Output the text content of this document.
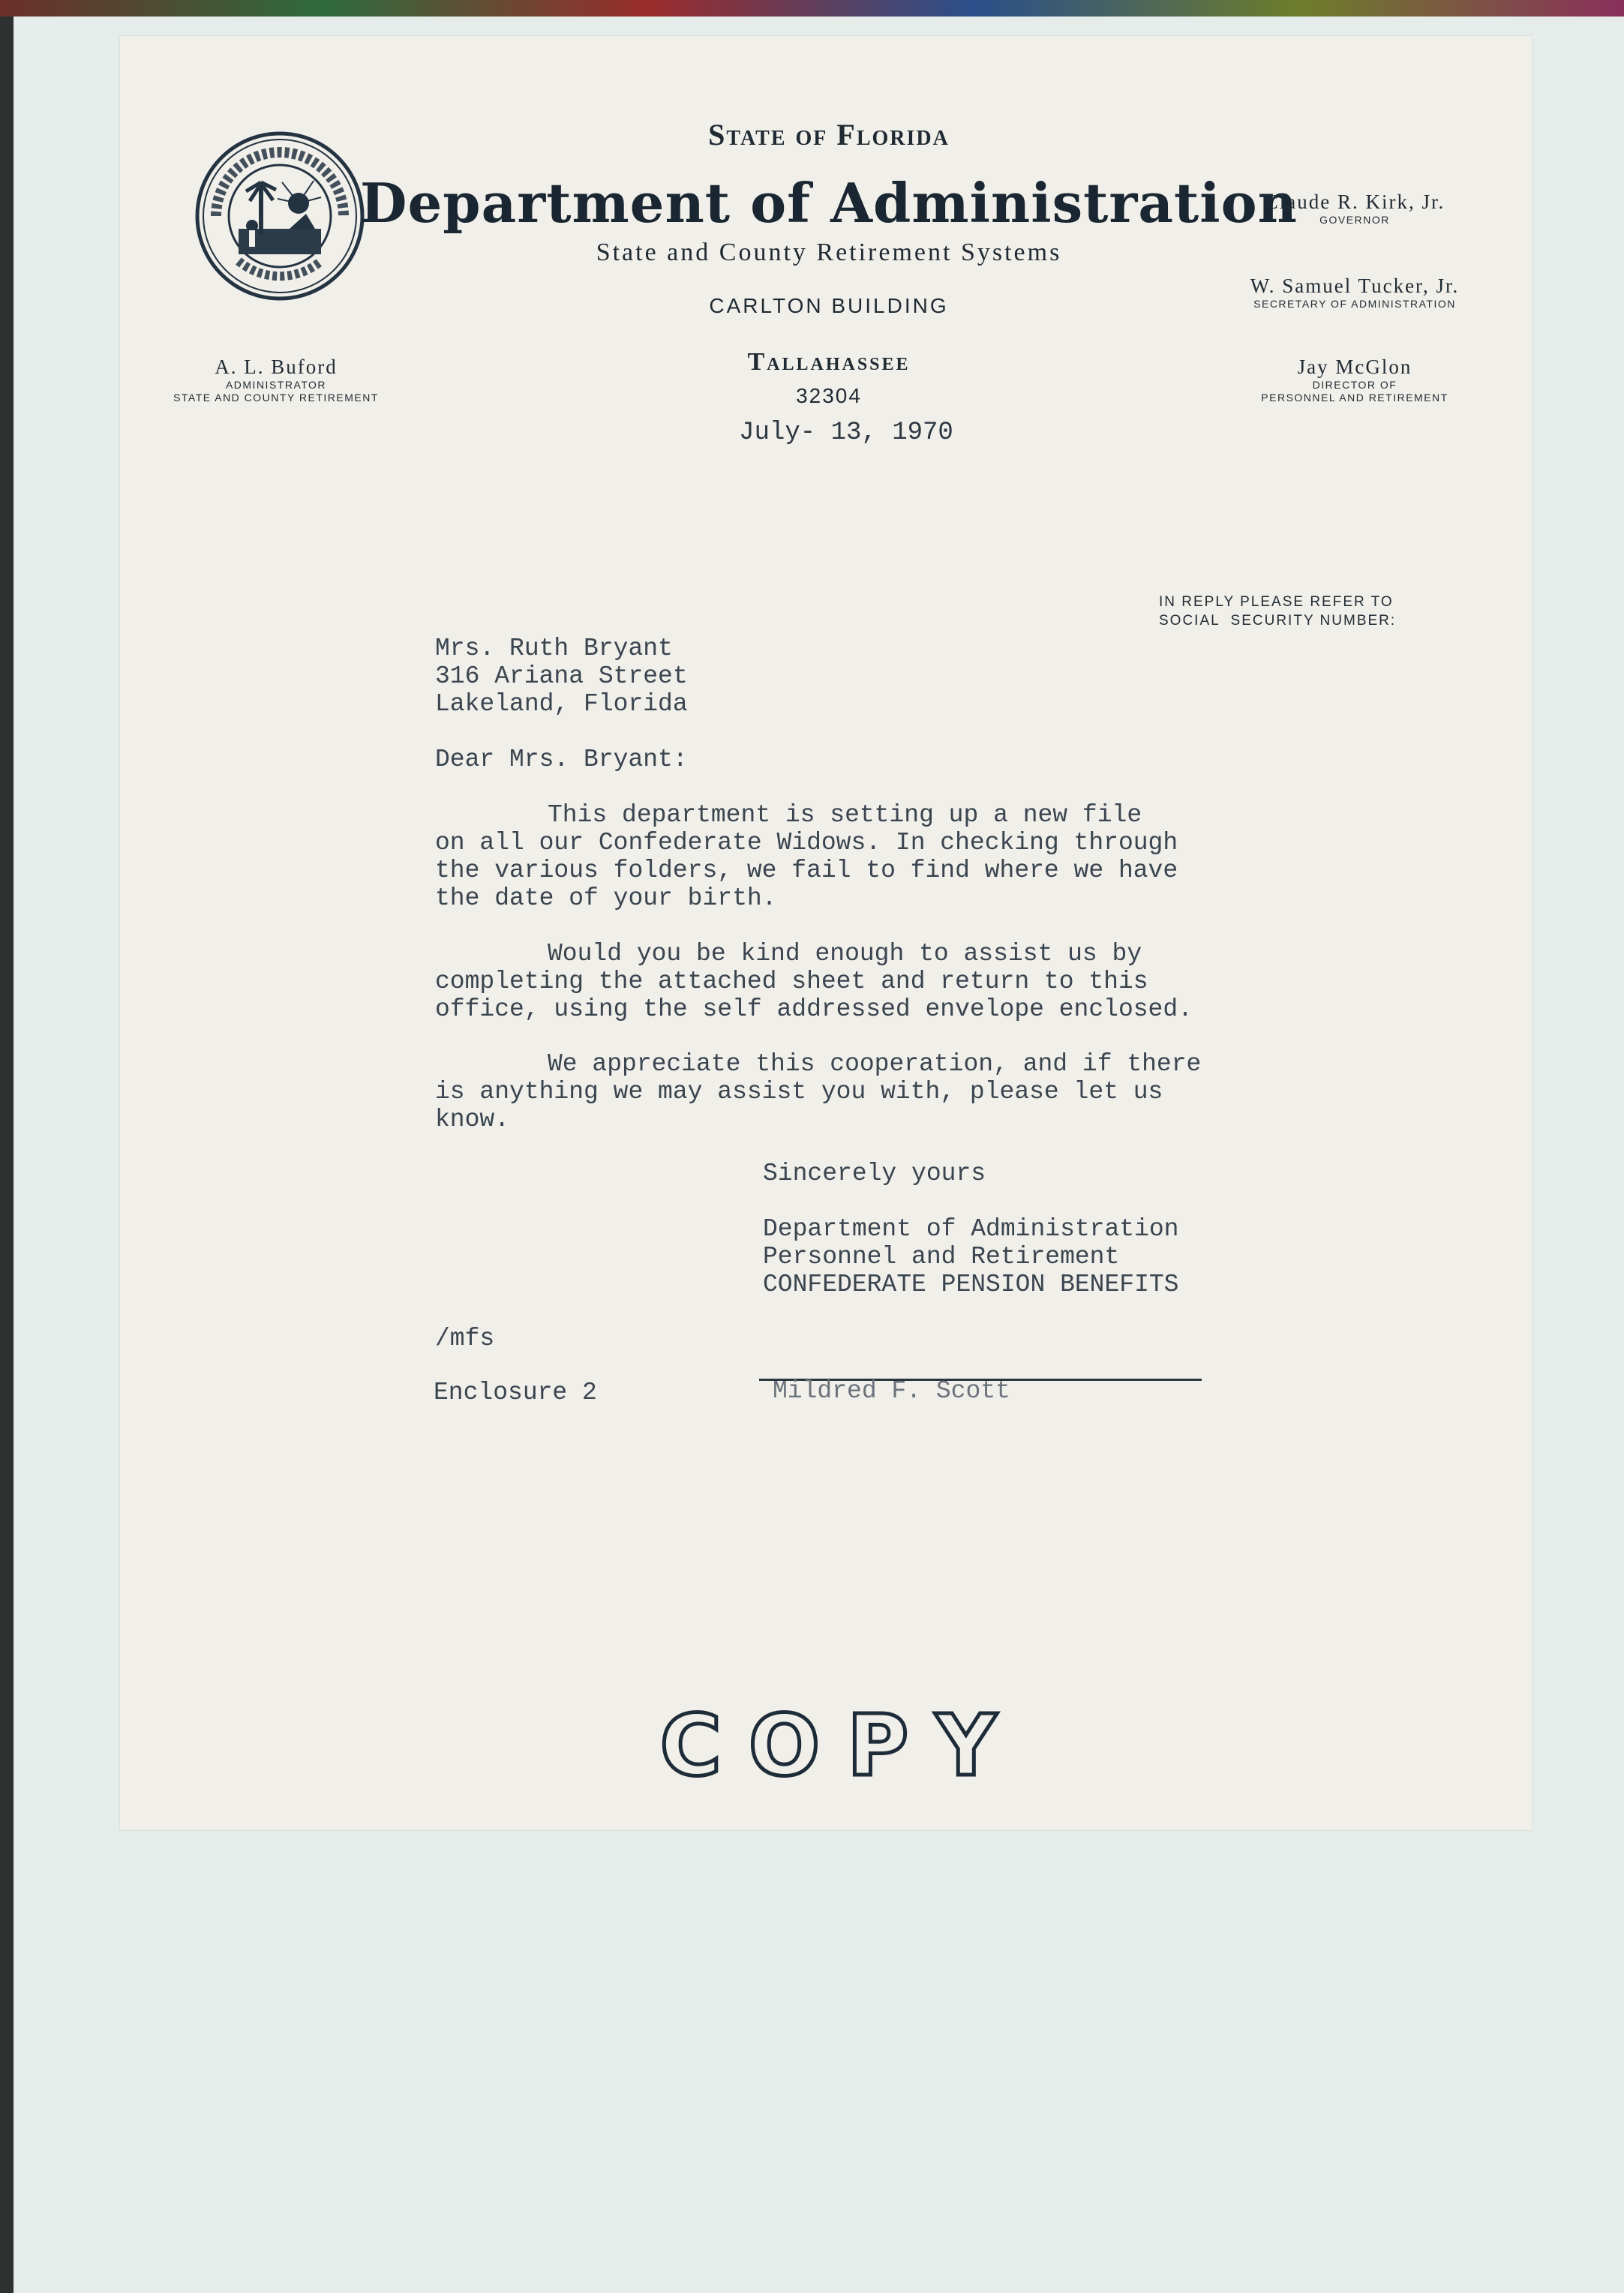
State of Florida
Department of Administration
State and County Retirement Systems
CARLTON BUILDING
Tallahassee
32304
July- 13, 1970
A. L. Buford
ADMINISTRATOR
STATE AND COUNTY RETIREMENT
Claude R. Kirk, Jr.
GOVERNOR
W. Samuel Tucker, Jr.
SECRETARY OF ADMINISTRATION
Jay McGlon
DIRECTOR OF
PERSONNEL AND RETIREMENT
IN REPLY PLEASE REFER TO
SOCIAL  SECURITY NUMBER:
Mrs. Ruth Bryant
316 Ariana Street
Lakeland, Florida
Dear Mrs. Bryant:
This department is setting up a new file
on all our Confederate Widows. In checking through
the various folders, we fail to find where we have
the date of your birth.
Would you be kind enough to assist us by
completing the attached sheet and return to this
office, using the self addressed envelope enclosed.
We appreciate this cooperation, and if there
is anything we may assist you with, please let us
know.
Sincerely yours
Department of Administration
Personnel and Retirement
CONFEDERATE PENSION BENEFITS
/mfs
Enclosure 2	Mildred F. Scott
COPY
